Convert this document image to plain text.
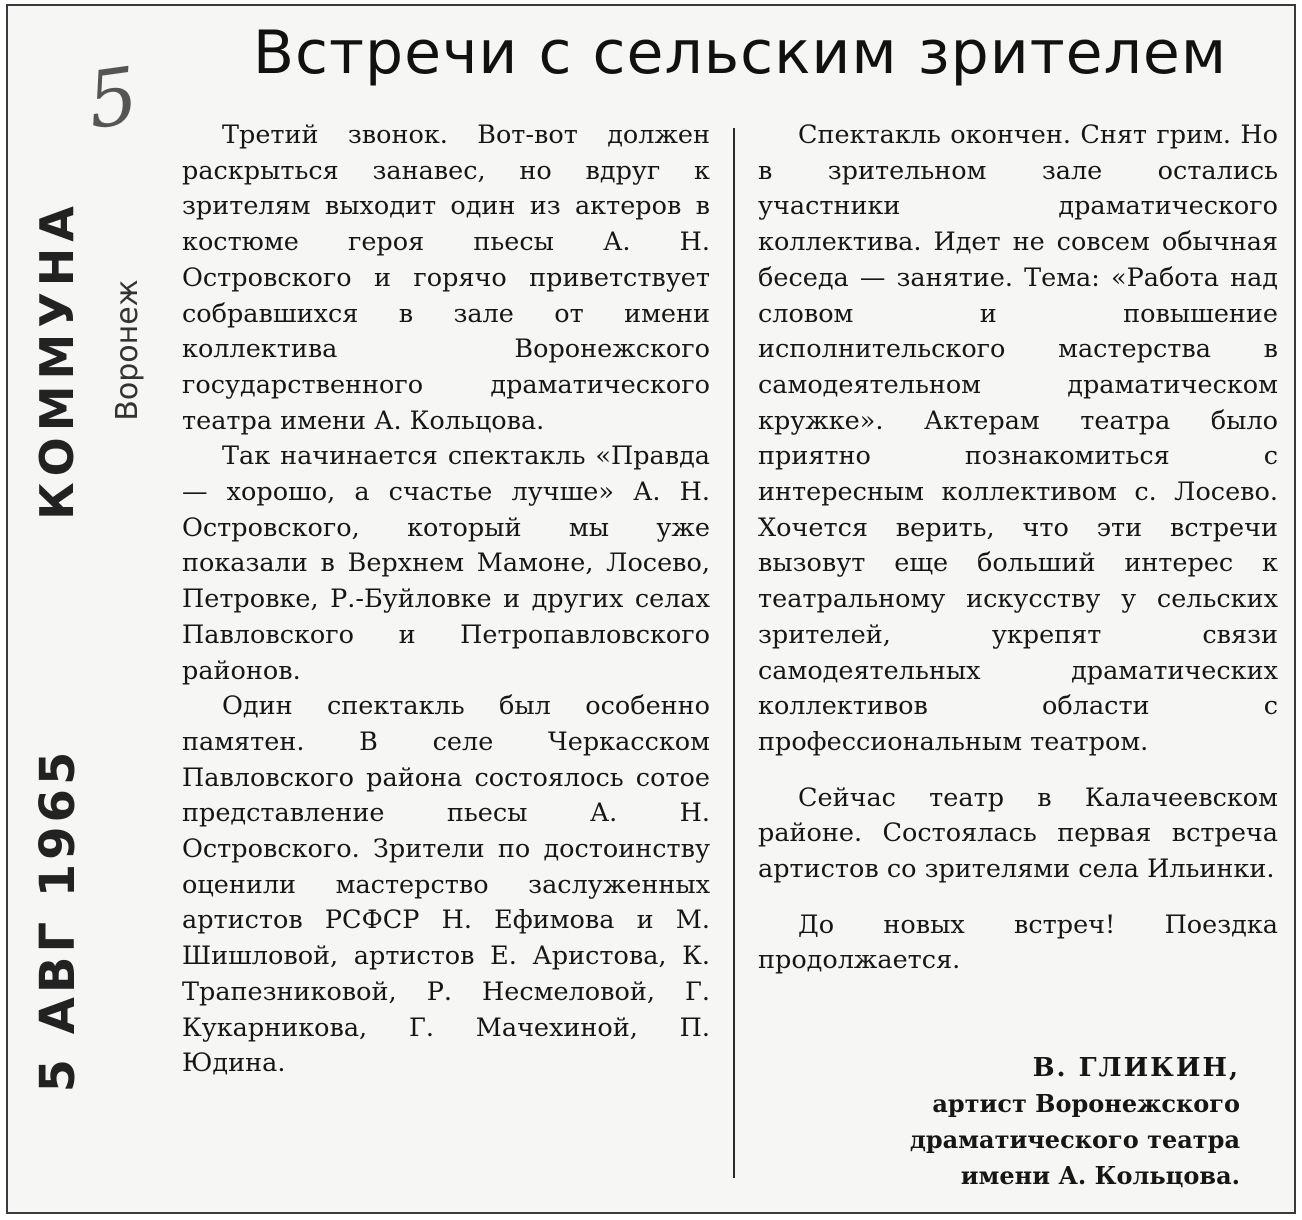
КОММУНА Воронеж
5 АВГ 1965
5	Встречи с сельским зрителем

Третий звонок. Вот-вот должен раскрыться занавес, но вдруг к зрителям выходит один из актеров в костюме героя пьесы А. Н. Островского и горячо приветствует собравшихся в зале от имени коллектива Воронежского государственного драматического театра имени А. Кольцова.

Так начинается спектакль «Правда — хорошо, а счастье лучше» А. Н. Островского, который мы уже показали в Верхнем Мамоне, Лосево, Петровке, Р.-Буйловке и других селах Павловского и Петропавловского районов.

Один спектакль был особенно памятен. В селе Черкасском Павловского района состоялось сотое представление пьесы А. Н. Островского. Зрители по достоинству оценили мастерство заслуженных артистов РСФСР Н. Ефимова и М. Шишловой, артистов Е. Аристова, К. Трапезниковой, Р. Несмеловой, Г. Кукарникова, Г. Мачехиной, П. Юдина.

Спектакль окончен. Снят грим. Но в зрительном зале остались участники драматического коллектива. Идет не совсем обычная беседа — занятие. Тема: «Работа над словом и повышение исполнительского мастерства в самодеятельном драматическом кружке». Актерам театра было приятно познакомиться с интересным коллективом с. Лосево. Хочется верить, что эти встречи вызовут еще больший интерес к театральному искусству у сельских зрителей, укрепят связи самодеятельных драматических коллективов области с профессиональным театром.

Сейчас театр в Калачеевском районе. Состоялась первая встреча артистов со зрителями села Ильинки.

До новых встреч! Поездка продолжается.

В. ГЛИКИН,
артист Воронежского
драматического театра
имени А. Кольцова.
